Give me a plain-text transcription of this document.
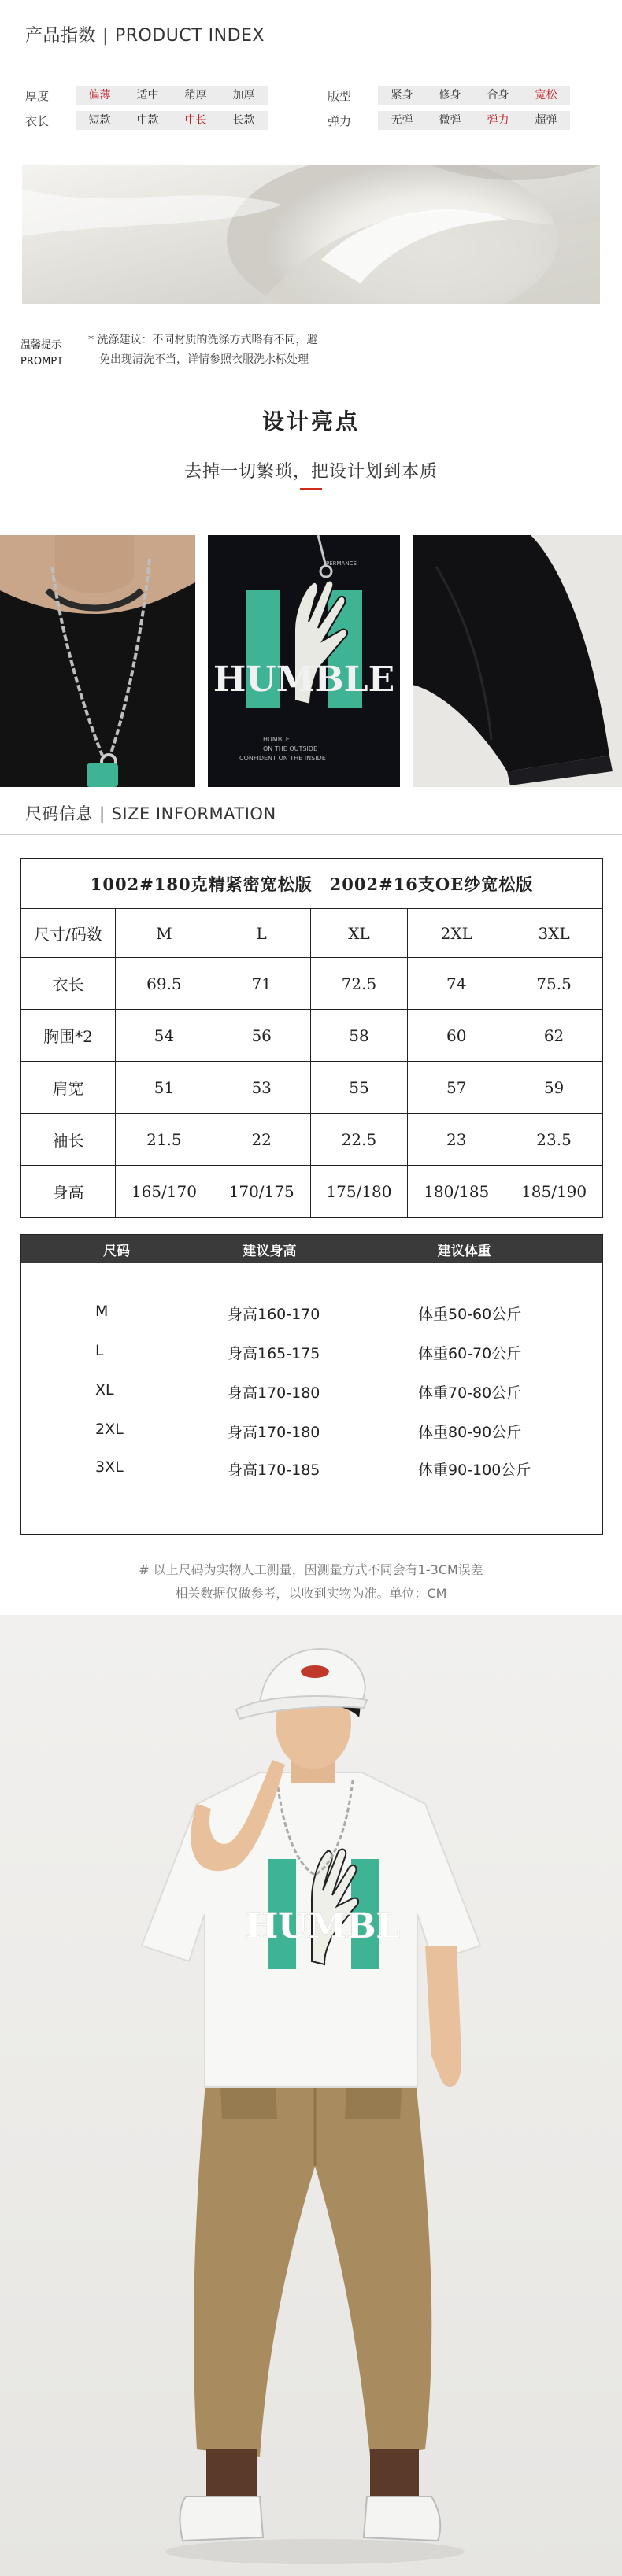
产品指数 | PRODUCT INDEX
厚度	偏薄	适中	稍厚	加厚
衣长	短款	中款	中长	长款
版型	紧身	修身	合身	宽松
弹力	无弹	微弹	弹力	超弹
温馨提示
PROMPT
* 洗涤建议：不同材质的洗涤方式略有不同，避
免出现清洗不当，详情参照衣服洗水标处理
设计亮点
去掉一切繁琐，把设计划到本质
PERMANCE
HUMBLE
HUMBLE
ON THE OUTSIDE
CONFIDENT ON THE INSIDE
尺码信息 | SIZE INFORMATION
1002#180克精紧密宽松版　2002#16支OE纱宽松版					
尺寸/码数	M	L	XL	2XL	3XL
衣长	69.5	71	72.5	74	75.5
胸围*2	54	56	58	60	62
肩宽	51	53	55	57	59
袖长	21.5	22	22.5	23	23.5
身高	165/170	170/175	175/180	180/185	185/190
尺码	建议身高	建议体重
M	身高160-170	体重50-60公斤
L	身高165-175	体重60-70公斤
XL	身高170-180	体重70-80公斤
2XL	身高170-180	体重80-90公斤
3XL	身高170-185	体重90-100公斤
# 以上尺码为实物人工测量，因测量方式不同会有1-3CM误差
相关数据仅做参考，以收到实物为准。单位：CM
HUMBL
